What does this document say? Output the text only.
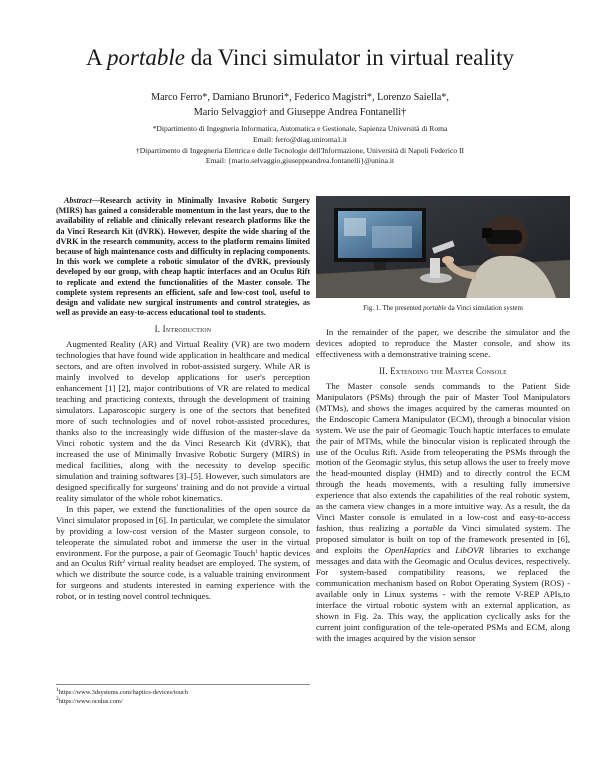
A portable da Vinci simulator in virtual reality
Marco Ferro*, Damiano Brunori*, Federico Magistri*, Lorenzo Saiella*,
Mario Selvaggio† and Giuseppe Andrea Fontanelli†
*Dipartimento di Ingegneria Informatica, Automatica e Gestionale, Sapienza Università di Roma
Email: ferro@diag.uniroma1.it
†Dipartimento di Ingegneria Elettrica e delle Tecnologie dell'Informazione, Università di Napoli Federico II
Email: {mario.selvaggio,giuseppeandrea.fontanelli}@unina.it

Abstract—Research activity in Minimally Invasive Robotic Surgery (MIRS) has gained a considerable momentum in the last years, due to the availability of reliable and clinically relevant research platforms like the da Vinci Research Kit (dVRK). However, despite the wide sharing of the dVRK in the research community, access to the platform remains limited because of high maintenance costs and difficulty in replacing components. In this work we complete a robotic simulator of the dVRK, previously developed by our group, with cheap haptic interfaces and an Oculus Rift to replicate and extend the functionalities of the Master console. The complete system represents an efficient, safe and low-cost tool, useful to design and validate new surgical instruments and control strategies, as well as provide an easy-to-access educational tool to students.

I. Introduction

Augmented Reality (AR) and Virtual Reality (VR) are two modern technologies that have found wide application in healthcare and medical sectors, and are often involved in robot-assisted surgery. While AR is mainly involved to develop applications for user's perception enhancement [1] [2], major contributions of VR are related to medical teaching and practicing contexts, through the development of training simulators. Laparoscopic surgery is one of the sectors that benefited more of such technologies and of novel robot-assisted procedures, thanks also to the increasingly wide diffusion of the master-slave da Vinci robotic system and the da Vinci Research Kit (dVRK), that increased the use of Minimally Invasive Robotic Surgery (MIRS) in medical facilities, along with the necessity to develop specific simulation and training softwares [3]–[5]. However, such simulators are designed specifically for surgeons' training and do not provide a virtual reality simulator of the whole robot kinematics.

In this paper, we extend the functionalities of the open source da Vinci simulator proposed in [6]. In particular, we complete the simulator by providing a low-cost version of the Master surgeon console, to teleoperate the simulated robot and immerse the user in the virtual environment. For the purpose, a pair of Geomagic Touch$^1$ haptic devices and an Oculus Rift$^2$ virtual reality headset are employed. The system, of which we distribute the source code, is a valuable training environment for surgeons and students interested in earning experience with the robot, or in testing novel control techniques.

$^1$https://www.3dsystems.com/haptics-devices/touch
$^2$https://www.oculus.com/
Fig. 1. The presented portable da Vinci simulation system

In the remainder of the paper, we describe the simulator and the devices adopted to reproduce the Master console, and show its effectiveness with a demonstrative training scene.

II. Extending the Master Console

The Master console sends commands to the Patient Side Manipulators (PSMs) through the pair of Master Tool Manipulators (MTMs), and shows the images acquired by the cameras mounted on the Endoscopic Camera Manipulator (ECM), through a binocular vision system. We use the pair of Geomagic Touch haptic interfaces to emulate the pair of MTMs, while the binocular vision is replicated through the use of the Oculus Rift. Aside from teleoperating the PSMs through the motion of the Geomagic stylus, this setup allows the user to freely move the head-mounted display (HMD) and to directly control the ECM through the heads movements, with a resulting fully immersive experience that also extends the capabilities of the real robotic system, as the camera view changes in a more intuitive way. As a result, the da Vinci Master console is emulated in a low-cost and easy-to-access fashion, thus realizing a portable da Vinci simulated system. The proposed simulator is built on top of the framework presented in [6], and exploits the OpenHaptics and LibOVR libraries to exchange messages and data with the Geomagic and Oculus devices, respectively. For system-based compatibility reasons, we replaced the communication mechanism based on Robot Operating System (ROS) - available only in Linux systems - with the remote V-REP APIs,to interface the virtual robotic system with an external application, as shown in Fig. 2a. This way, the application cyclically asks for the current joint configuration of the tele-operated PSMs and ECM, along with the images acquired by the vision sensor
